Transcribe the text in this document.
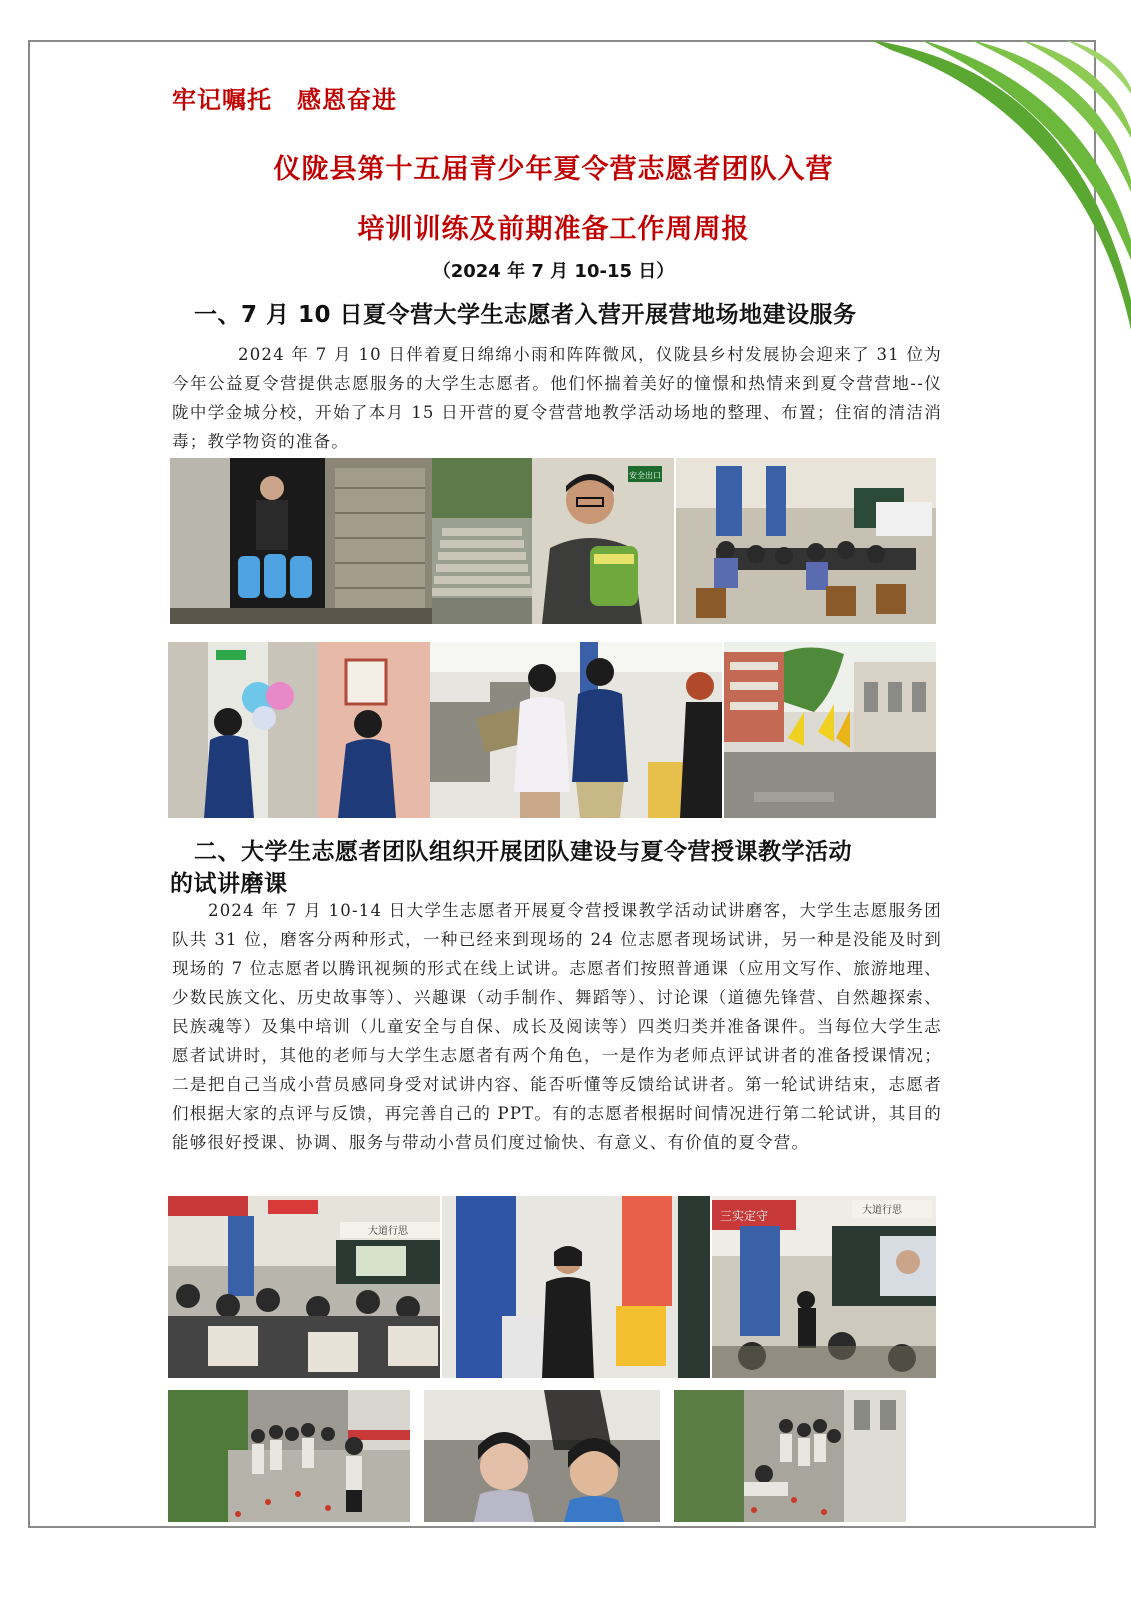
牢记嘱托　感恩奋进
仪陇县第十五届青少年夏令营志愿者团队入营
培训训练及前期准备工作周周报
（2024 年 7 月 10-15 日）
一、7 月 10 日夏令营大学生志愿者入营开展营地场地建设服务
2024 年 7 月 10 日伴着夏日绵绵小雨和阵阵微风，仪陇县乡村发展协会迎来了 31 位为今年公益夏令营提供志愿服务的大学生志愿者。他们怀揣着美好的憧憬和热情来到夏令营营地--仪陇中学金城分校，开始了本月 15 日开营的夏令营营地教学活动场地的整理、布置；住宿的清洁消毒；教学物资的准备。
安全出口
二、大学生志愿者团队组织开展团队建设与夏令营授课教学活动
的试讲磨课
2024 年 7 月 10-14 日大学生志愿者开展夏令营授课教学活动试讲磨客，大学生志愿服务团队共 31 位，磨客分两种形式，一种已经来到现场的 24 位志愿者现场试讲，另一种是没能及时到现场的 7 位志愿者以腾讯视频的形式在线上试讲。志愿者们按照普通课（应用文写作、旅游地理、少数民族文化、历史故事等）、兴趣课（动手制作、舞蹈等）、讨论课（道德先锋营、自然趣探索、民族魂等）及集中培训（儿童安全与自保、成长及阅读等）四类归类并准备课件。当每位大学生志愿者试讲时，其他的老师与大学生志愿者有两个角色，一是作为老师点评试讲者的准备授课情况；二是把自己当成小营员感同身受对试讲内容、能否听懂等反馈给试讲者。第一轮试讲结束，志愿者们根据大家的点评与反馈，再完善自己的 PPT。有的志愿者根据时间情况进行第二轮试讲，其目的能够很好授课、协调、服务与带动小营员们度过愉快、有意义、有价值的夏令营。
大道行思
三实定守	大道行思
